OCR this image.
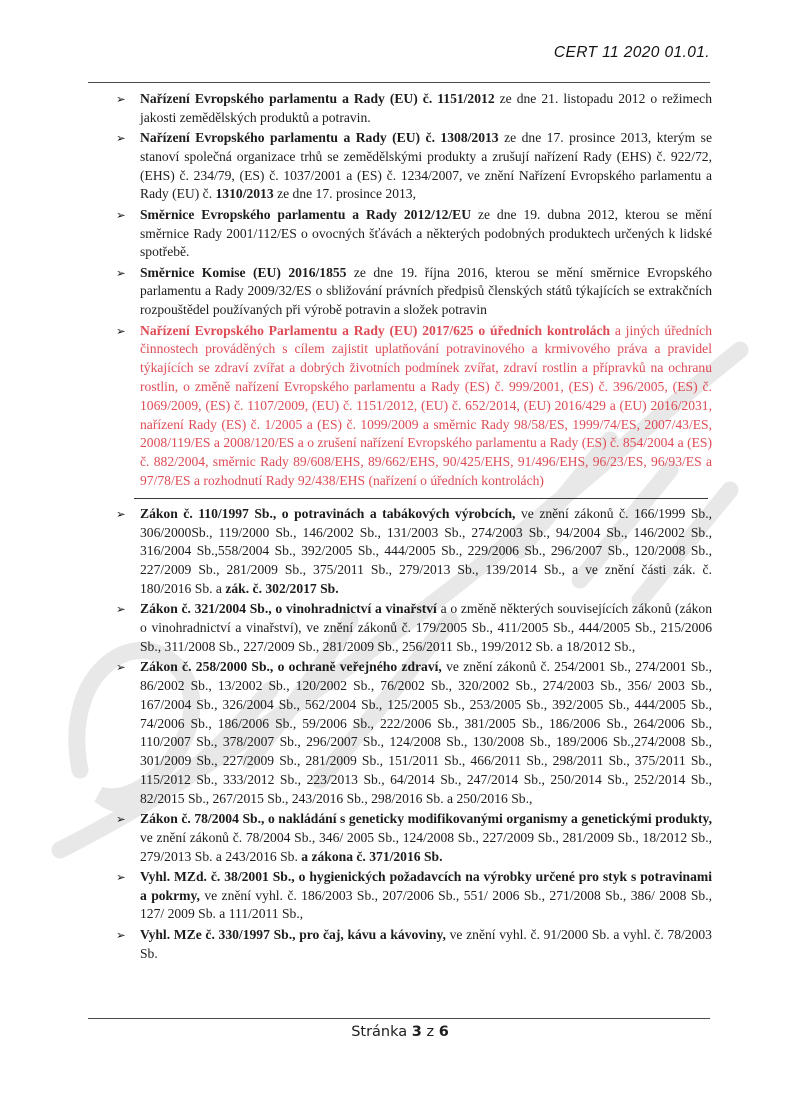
CERT 11 2020 01.01.
➢	Nařízení Evropského parlamentu a Rady (EU) č. 1151/2012 ze dne 21. listopadu 2012 o režimech jakosti zemědělských produktů a potravin.
➢	Nařízení Evropského parlamentu a Rady (EU) č. 1308/2013 ze dne 17. prosince 2013, kterým se stanoví společná organizace trhů se zemědělskými produkty a zrušují nařízení Rady (EHS) č. 922/72, (EHS) č. 234/79, (ES) č. 1037/2001 a (ES) č. 1234/2007, ve znění Nařízení Evropského parlamentu a Rady (EU) č. 1310/2013 ze dne 17. prosince 2013,
➢	Směrnice Evropského parlamentu a Rady 2012/12/EU ze dne 19. dubna 2012, kterou se mění směrnice Rady 2001/112/ES o ovocných šťávách a některých podobných produktech určených k lidské spotřebě.
➢	Směrnice Komise (EU) 2016/1855 ze dne 19. října 2016, kterou se mění směrnice Evropského parlamentu a Rady 2009/32/ES o sbližování právních předpisů členských států týkajících se extrakčních rozpouštědel používaných při výrobě potravin a složek potravin
➢	Nařízení Evropského Parlamentu a Rady (EU) 2017/625 o úředních kontrolách a jiných úředních činnostech prováděných s cílem zajistit uplatňování potravinového a krmivového práva a pravidel týkajících se zdraví zvířat a dobrých životních podmínek zvířat, zdraví rostlin a přípravků na ochranu rostlin, o změně nařízení Evropského parlamentu a Rady (ES) č. 999/2001, (ES) č. 396/2005, (ES) č. 1069/2009, (ES) č. 1107/2009, (EU) č. 1151/2012, (EU) č. 652/2014, (EU) 2016/429 a (EU) 2016/2031, nařízení Rady (ES) č. 1/2005 a (ES) č. 1099/2009 a směrnic Rady 98/58/ES, 1999/74/ES, 2007/43/ES, 2008/119/ES a 2008/120/ES a o zrušení nařízení Evropského parlamentu a Rady (ES) č. 854/2004 a (ES) č. 882/2004, směrnic Rady 89/608/EHS, 89/662/EHS, 90/425/EHS, 91/496/EHS, 96/23/ES, 96/93/ES a 97/78/ES a rozhodnutí Rady 92/438/EHS (nařízení o úředních kontrolách)
➢	Zákon č. 110/1997 Sb., o potravinách a tabákových výrobcích, ve znění zákonů č. 166/1999 Sb., 306/2000Sb., 119/2000 Sb., 146/2002 Sb., 131/2003 Sb., 274/2003 Sb., 94/2004 Sb., 146/2002 Sb., 316/2004 Sb.,558/2004 Sb., 392/2005 Sb., 444/2005 Sb., 229/2006 Sb., 296/2007 Sb., 120/2008 Sb., 227/2009 Sb., 281/2009 Sb., 375/2011 Sb., 279/2013 Sb., 139/2014 Sb., a ve znění části zák. č. 180/2016 Sb. a zák. č. 302/2017 Sb.
➢	Zákon č. 321/2004 Sb., o vinohradnictví a vinařství a o změně některých souvisejících zákonů (zákon o vinohradnictví a vinařství), ve znění zákonů č. 179/2005 Sb., 411/2005 Sb., 444/2005 Sb., 215/2006 Sb., 311/2008 Sb., 227/2009 Sb., 281/2009 Sb., 256/2011 Sb., 199/2012 Sb. a 18/2012 Sb.,
➢	Zákon č. 258/2000 Sb., o ochraně veřejného zdraví, ve znění zákonů č. 254/2001 Sb., 274/2001 Sb., 86/2002 Sb., 13/2002 Sb., 120/2002 Sb., 76/2002 Sb., 320/2002 Sb., 274/2003 Sb., 356/ 2003 Sb., 167/2004 Sb., 326/2004 Sb., 562/2004 Sb., 125/2005 Sb., 253/2005 Sb., 392/2005 Sb., 444/2005 Sb., 74/2006 Sb., 186/2006 Sb., 59/2006 Sb., 222/2006 Sb., 381/2005 Sb., 186/2006 Sb., 264/2006 Sb., 110/2007 Sb., 378/2007 Sb., 296/2007 Sb., 124/2008 Sb., 130/2008 Sb., 189/2006 Sb.,274/2008 Sb., 301/2009 Sb., 227/2009 Sb., 281/2009 Sb., 151/2011 Sb., 466/2011 Sb., 298/2011 Sb., 375/2011 Sb., 115/2012 Sb., 333/2012 Sb., 223/2013 Sb., 64/2014 Sb., 247/2014 Sb., 250/2014 Sb., 252/2014 Sb., 82/2015 Sb., 267/2015 Sb., 243/2016 Sb., 298/2016 Sb. a 250/2016 Sb.,
➢	Zákon č. 78/2004 Sb., o nakládání s geneticky modifikovanými organismy a genetickými produkty, ve znění zákonů č. 78/2004 Sb., 346/ 2005 Sb., 124/2008 Sb., 227/2009 Sb., 281/2009 Sb., 18/2012 Sb., 279/2013 Sb. a 243/2016 Sb. a zákona č. 371/2016 Sb.
➢	Vyhl. MZd. č. 38/2001 Sb., o hygienických požadavcích na výrobky určené pro styk s potravinami a pokrmy, ve znění vyhl. č. 186/2003 Sb., 207/2006 Sb., 551/ 2006 Sb., 271/2008 Sb., 386/ 2008 Sb., 127/ 2009 Sb. a 111/2011 Sb.,
➢	Vyhl. MZe č. 330/1997 Sb., pro čaj, kávu a kávoviny, ve znění vyhl. č. 91/2000 Sb. a vyhl. č. 78/2003 Sb.
Stránka 3 z 6
